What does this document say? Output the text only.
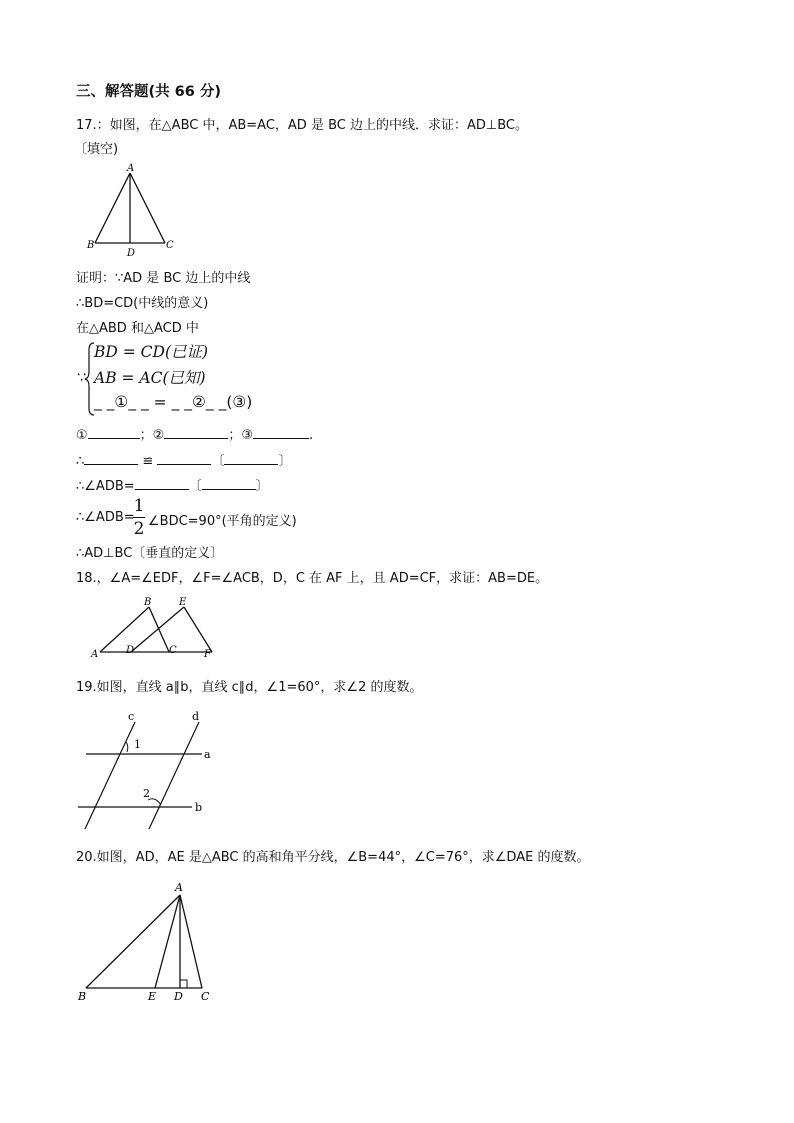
三、解答题(共 66 分)
17.：如图，在△ABC 中，AB=AC，AD 是 BC 边上的中线．求证：AD⊥BC。
〔填空)
A
B	C
D
证明：∵AD 是 BC 边上的中线
∴BD=CD(中线的意义)
在△ABD 和△ACD 中
∵
BD = CD(已证)
AB = AC(已知)
_ _①_ _ = _ _②_ _(③)
①	；②	；③	.
∴	≌	〔	〕
∴∠ADB=	〔	〕
∴∠ADB=
1
2 ∠BDC=90°(平角的定义)
∴AD⊥BC〔垂直的定义〕
18.，∠A=∠EDF，∠F=∠ACB，D，C 在 AF 上，且 AD=CF，求证：AB=DE。
A
B	E
D	C	F
19.如图，直线 a∥b，直线 c∥d，∠1=60°，求∠2 的度数。
c	d
a
b
1
2
20.如图，AD，AE 是△ABC 的高和角平分线，∠B=44°，∠C=76°，求∠DAE 的度数。
A
B	E D C
